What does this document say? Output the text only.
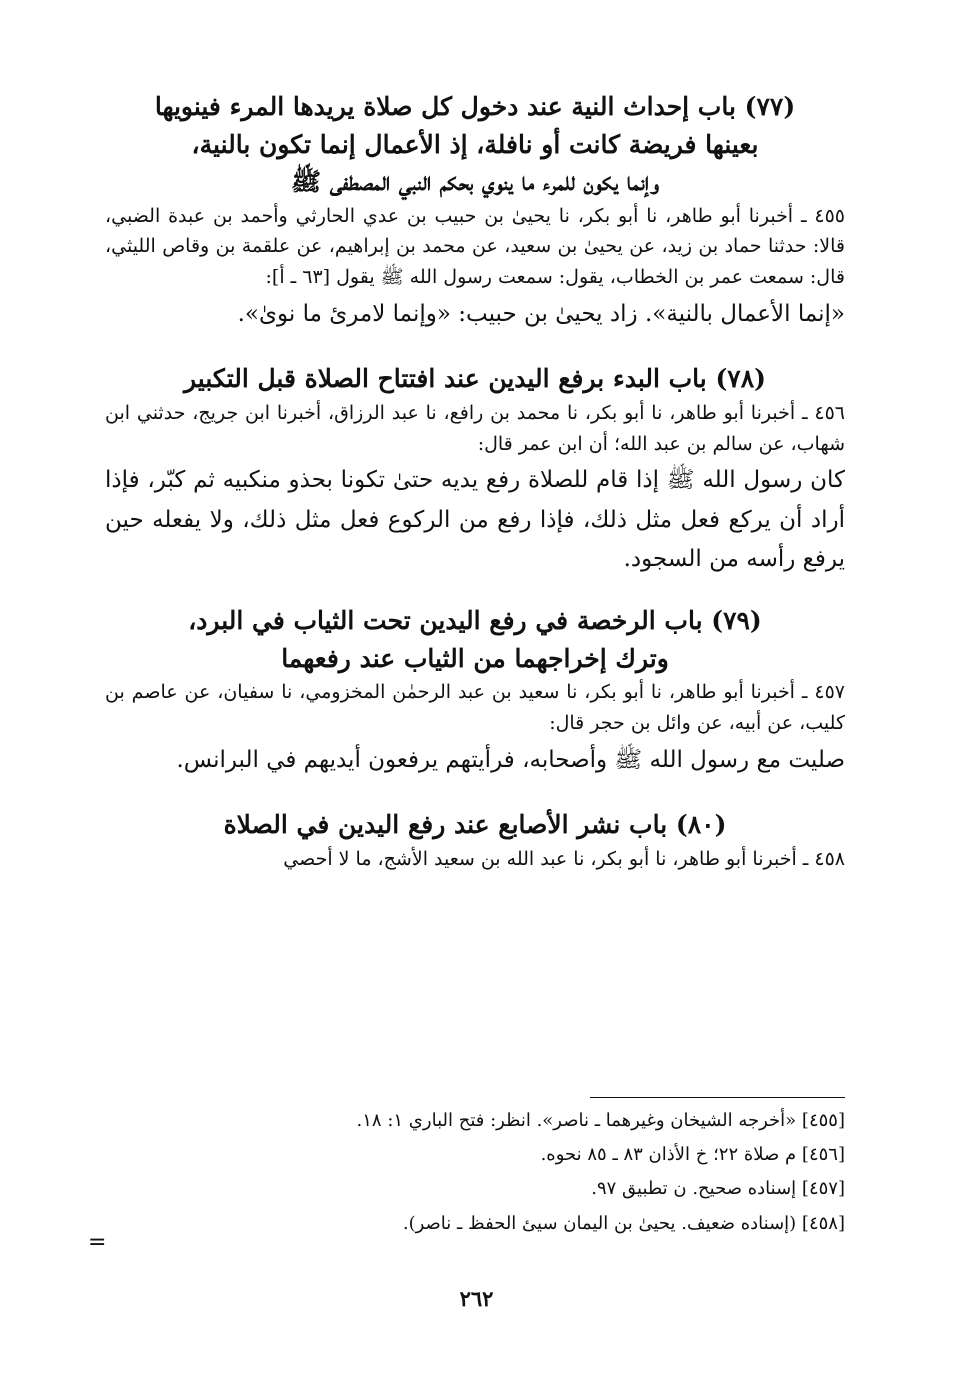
(٧٧) باب إحداث النية عند دخول كل صلاة يريدها المرء فينويها
بعينها فريضة كانت أو نافلة، إذ الأعمال إنما تكون بالنية،
وإنما يكون للمرء ما ينوي بحكم النبي المصطفى ﷺ

٤٥٥ ـ أخبرنا أبو طاهر، نا أبو بكر، نا يحيىٰ بن حبيب بن عدي الحارثي وأحمد بن عبدة الضبي، قالا: حدثنا حماد بن زيد، عن يحيىٰ بن سعيد، عن محمد بن إبراهيم، عن علقمة بن وقاص الليثي، قال: سمعت عمر بن الخطاب، يقول: سمعت رسول الله ﷺ يقول [٦٣ ـ أ]:

«إنما الأعمال بالنية». زاد يحيىٰ بن حبيب: «وإنما لامرئ ما نوىٰ».

(٧٨) باب البدء برفع اليدين عند افتتاح الصلاة قبل التكبير

٤٥٦ ـ أخبرنا أبو طاهر، نا أبو بكر، نا محمد بن رافع، نا عبد الرزاق، أخبرنا ابن جريج، حدثني ابن شهاب، عن سالم بن عبد الله؛ أن ابن عمر قال:

كان رسول الله ﷺ إذا قام للصلاة رفع يديه حتىٰ تكونا بحذو منكبيه ثم كبّر، فإذا أراد أن يركع فعل مثل ذلك، فإذا رفع من الركوع فعل مثل ذلك، ولا يفعله حين يرفع رأسه من السجود.

(٧٩) باب الرخصة في رفع اليدين تحت الثياب في البرد،
وترك إخراجهما من الثياب عند رفعهما

٤٥٧ ـ أخبرنا أبو طاهر، نا أبو بكر، نا سعيد بن عبد الرحمٰن المخزومي، نا سفيان، عن عاصم بن كليب، عن أبيه، عن وائل بن حجر قال:

صليت مع رسول الله ﷺ وأصحابه، فرأيتهم يرفعون أيديهم في البرانس.

(٨٠) باب نشر الأصابع عند رفع اليدين في الصلاة

٤٥٨ ـ أخبرنا أبو طاهر، نا أبو بكر، نا عبد الله بن سعيد الأشج، ما لا أحصي

[٤٥٥] «أخرجه الشيخان وغيرهما ـ ناصر». انظر: فتح الباري ١: ١٨.

[٤٥٦] م صلاة ٢٢؛ خ الأذان ٨٣ ـ ٨٥ نحوه.

[٤٥٧] إسناده صحيح. ن تطبيق ٩٧.

[٤٥٨] (إسناده ضعيف. يحيىٰ بن اليمان سيئ الحفظ ـ ناصر).

=
٢٦٢
